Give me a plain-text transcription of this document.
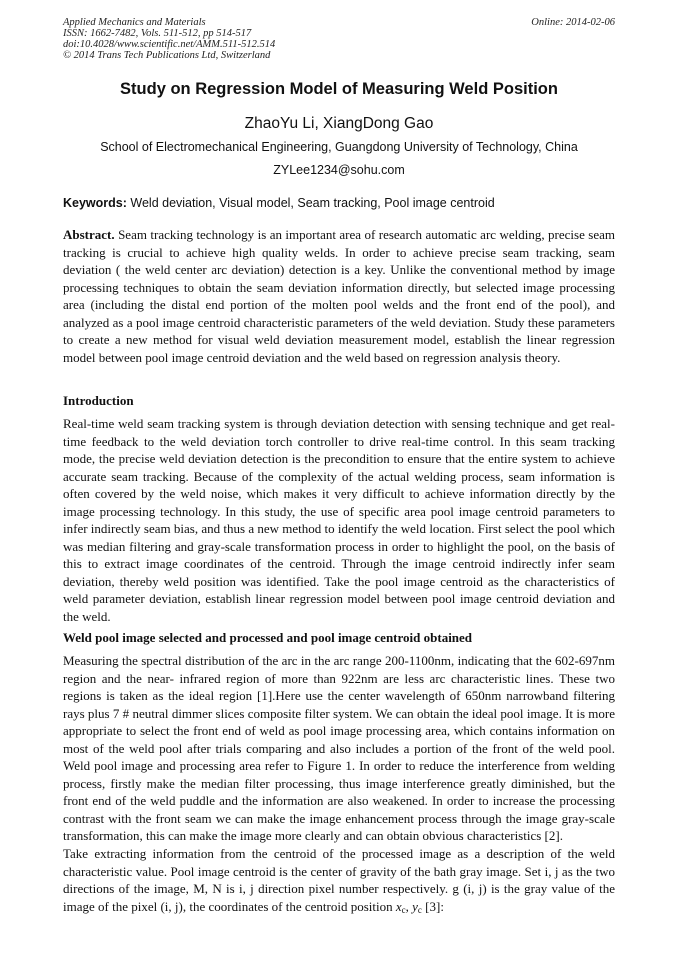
Applied Mechanics and Materials
ISSN: 1662-7482, Vols. 511-512, pp 514-517
doi:10.4028/www.scientific.net/AMM.511-512.514
© 2014 Trans Tech Publications Ltd, Switzerland
Online: 2014-02-06
Study on Regression Model of Measuring Weld Position
ZhaoYu Li, XiangDong Gao
School of Electromechanical Engineering, Guangdong University of Technology, China
ZYLee1234@sohu.com
Keywords: Weld deviation, Visual model, Seam tracking, Pool image centroid
Abstract. Seam tracking technology is an important area of research automatic arc welding, precise seam tracking is crucial to achieve high quality welds. In order to achieve precise seam tracking, seam deviation ( the weld center arc deviation) detection is a key. Unlike the conventional method by image processing techniques to obtain the seam deviation information directly, but selected image processing area (including the distal end portion of the molten pool welds and the front end of the pool), and analyzed as a pool image centroid characteristic parameters of the weld deviation. Study these parameters to create a new method for visual weld deviation measurement model, establish the linear regression model between pool image centroid deviation and the weld based on regression analysis theory.
Introduction
Real-time weld seam tracking system is through deviation detection with sensing technique and get real-time feedback to the weld deviation torch controller to drive real-time control. In this seam tracking mode, the precise weld deviation detection is the precondition to ensure that the entire system to achieve accurate seam tracking. Because of the complexity of the actual welding process, seam information is often covered by the weld noise, which makes it very difficult to achieve information directly by the image processing technology. In this study, the use of specific area pool image centroid parameters to infer indirectly seam bias, and thus a new method to identify the weld location. First select the pool which was median filtering and gray-scale transformation process in order to highlight the pool, on the basis of this to extract image coordinates of the centroid. Through the image centroid indirectly infer seam deviation, thereby weld position was identified. Take the pool image centroid as the characteristics of weld parameter deviation, establish linear regression model between pool image centroid deviation and the weld.
Weld pool image selected and processed and pool image centroid obtained
Measuring the spectral distribution of the arc in the arc range 200-1100nm, indicating that the 602-697nm region and the near- infrared region of more than 922nm are less arc characteristic lines. These two regions is taken as the ideal region [1].Here use the center wavelength of 650nm narrowband filtering rays plus 7 # neutral dimmer slices composite filter system. We can obtain the ideal pool image. It is more appropriate to select the front end of weld as pool image processing area, which contains information on most of the weld pool after trials comparing and also includes a portion of the front of the weld pool. Weld pool image and processing area refer to Figure 1. In order to reduce the interference from welding process, firstly make the median filter processing, thus image interference greatly diminished, but the front end of the weld puddle and the information are also weakened. In order to increase the processing contrast with the front seam we can make the image enhancement process through the image gray-scale transformation, this can make the image more clearly and can obtain obvious characteristics [2].
Take extracting information from the centroid of the processed image as a description of the weld characteristic value. Pool image centroid is the center of gravity of the bath gray image. Set i, j as the two directions of the image, M, N is i, j direction pixel number respectively. g (i, j) is the gray value of the image of the pixel (i, j), the coordinates of the centroid position $x_c$, $y_c$ [3]:
